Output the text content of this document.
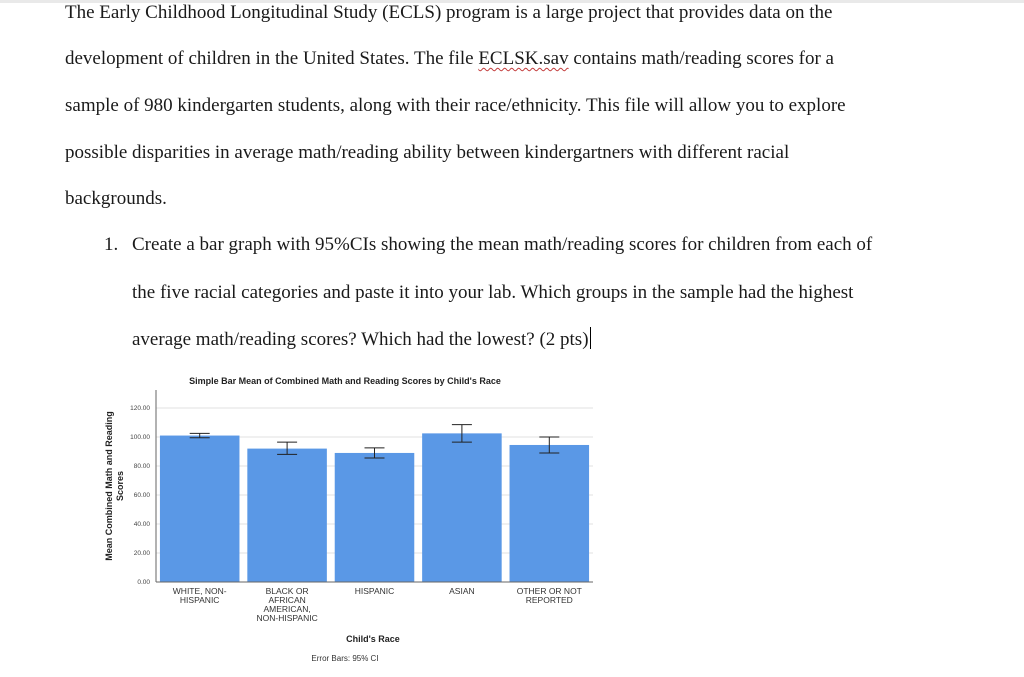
The Early Childhood Longitudinal Study (ECLS) program is a large project that provides data on the
development of children in the United States. The file ECLSK.sav contains math/reading scores for a
sample of 980 kindergarten students, along with their race/ethnicity. This file will allow you to explore
possible disparities in average math/reading ability between kindergartners with different racial
backgrounds.
1. Create a bar graph with 95%CIs showing the mean math/reading scores for children from each of
the five racial categories and paste it into your lab. Which groups in the sample had the highest
average math/reading scores? Which had the lowest? (2 pts)
Simple Bar Mean of Combined Math and Reading Scores by Child's Race
0.00
20.00
40.00
60.00
80.00
100.00
120.00
WHITE, NON-
HISPANIC
BLACK OR
AFRICAN
AMERICAN,
NON-HISPANIC
HISPANIC	ASIAN	OTHER OR NOT
REPORTED
Mean Combined Math and Reading Scores
Child's Race
Error Bars: 95% CI
